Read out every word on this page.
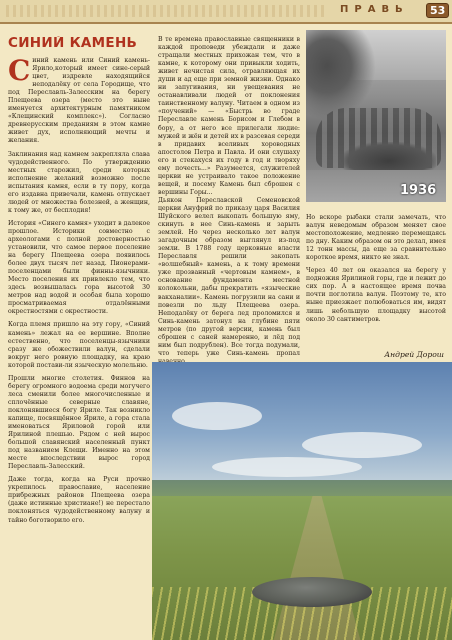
ПРАВЬ	53
СИНИЙ КАМЕНЬ

Синий камень или Синий камень-Ярило,который имеет сине-серый цвет, издревле находящийся неподалёку от села Городище, что под Переславль-Залесским на берегу Плещеева озера (место это ныне именуется архитектурным памятником «Клещинский комплекс»). Согласно древнерусским преданиям в этом камне живет дух, исполняющий мечты и желания.

Заклинания над камнем закрепляла слава чудодейственного. По утверждению местных старожил, среди которых исполнение желаний возможно после испытания камня, если в ту пору, когда его издавна привечали, камень отпускает людей от множества болезней, а женщин, к тому же, от бесплодия!

История «Синего камня» уходит в далекое прошлое. Историки совместно с археологами с полной достоверностью установили, что самое первое поселение на берегу Плещеева озера появилось более двух тысяч лет назад. Пионерами-поселенцами были финны-язычники. Место поселения их привлекло тем, что здесь возвышалась гора высотой 30 метров над водой и особая была хорошо просматриваемая отдалёнными окрестностями с окрестности.

Когда племя пришло на эту гору, «Синий камень» лежал на ее вершине. Вполне естественно, что поселенцы-язычники сразу же обожествили валун, сделали вокруг него ровную площадку, на краю которой постави-ли языческую молельню.

Прошли многие столетия. Финнов на берегу огромного водоема среди могучего леса сменили более многочисленные и сплочённые северные славяне, поклонявшиеся богу Яриле. Так возникло капище, посвящённое Яриле, а гора стала именоваться Яриловой горой или Ярилиной плешью. Рядом с ней вырос большой славянский населенный пункт под названием Клещи. Именно на этом месте впоследствии вырос город Переславль-Залесский.

Даже тогда, когда на Руси прочно укрепилось православие, население прибрежных районов Плещеева озера (даже истинные христиане!) не перестало поклоняться чудодейственному валуну и тайно боготворило его.

В те времена православные священники в каждой проповеди убеждали и даже стращали местных прихожан тем, что в камне, к которому они привыкли ходить, живет нечистая сила, отравляющая их души и ад еще при земной жизни. Однако ни запугивания, ни увещевания не останавливали людей от поклонения таинственному валуну. Читаем в одном из «поучений» — «Быстрь во граде Переславле камень Борисом и Глебом в бору, а от него все прилегали людие: мужей и жён и детей их в разсевая середи в придавих вселивых хороводных апостолов Петра и Павла. И они слушаху его и стекахуся их году в год и творяху ему почесть...» Разумеется, служителей церкви не устраивало такое положение вещей, и посему Камень был сброшен с вершины Горы...

Дьякон Переславской Семеновской церкви Ануфрий по приказу царя Василия Шуйского велел выкопать большую яму, скинуть в нее Синь-камень и зарыть землей. Но через несколько лет валун загадочным образом выглянул из-под земли. В 1788 году церковные власти Переславля решили закопать «волшебный» камень, а к тому времени уже прозванный «чертовым камнем», в основание фундамента местной колокольни, дабы прекратить «языческие вакханалии». Камень погрузили на сани и повезли по льду Плещеева озера. Неподалёку от берега лед проломился и Синь-камень затонул на глубине пяти метров (по другой версии, камень был сброшен с саней намеренно, и лёд под ним был подрублен). Все тогда подумали, что теперь уже Синь-камень пропал

1936

Но вскоре рыбаки стали замечать, что валун неведомым образом меняет свое местоположение, медленно перемещаясь по дну. Каким образом он это делал, имея 12 тонн массы, да еще за сравнительно короткое время, никто не знал.

Через 40 лет он оказался на берегу у подножия Ярилиной горы, где и лежит до сих пор. А в настоящее время почва почти поглотила валун. Поэтому те, кто ныне приезжает полюбоваться им, видят лишь небольшую площадку высотой около 30 сантиметров.

Андрей Дорош
